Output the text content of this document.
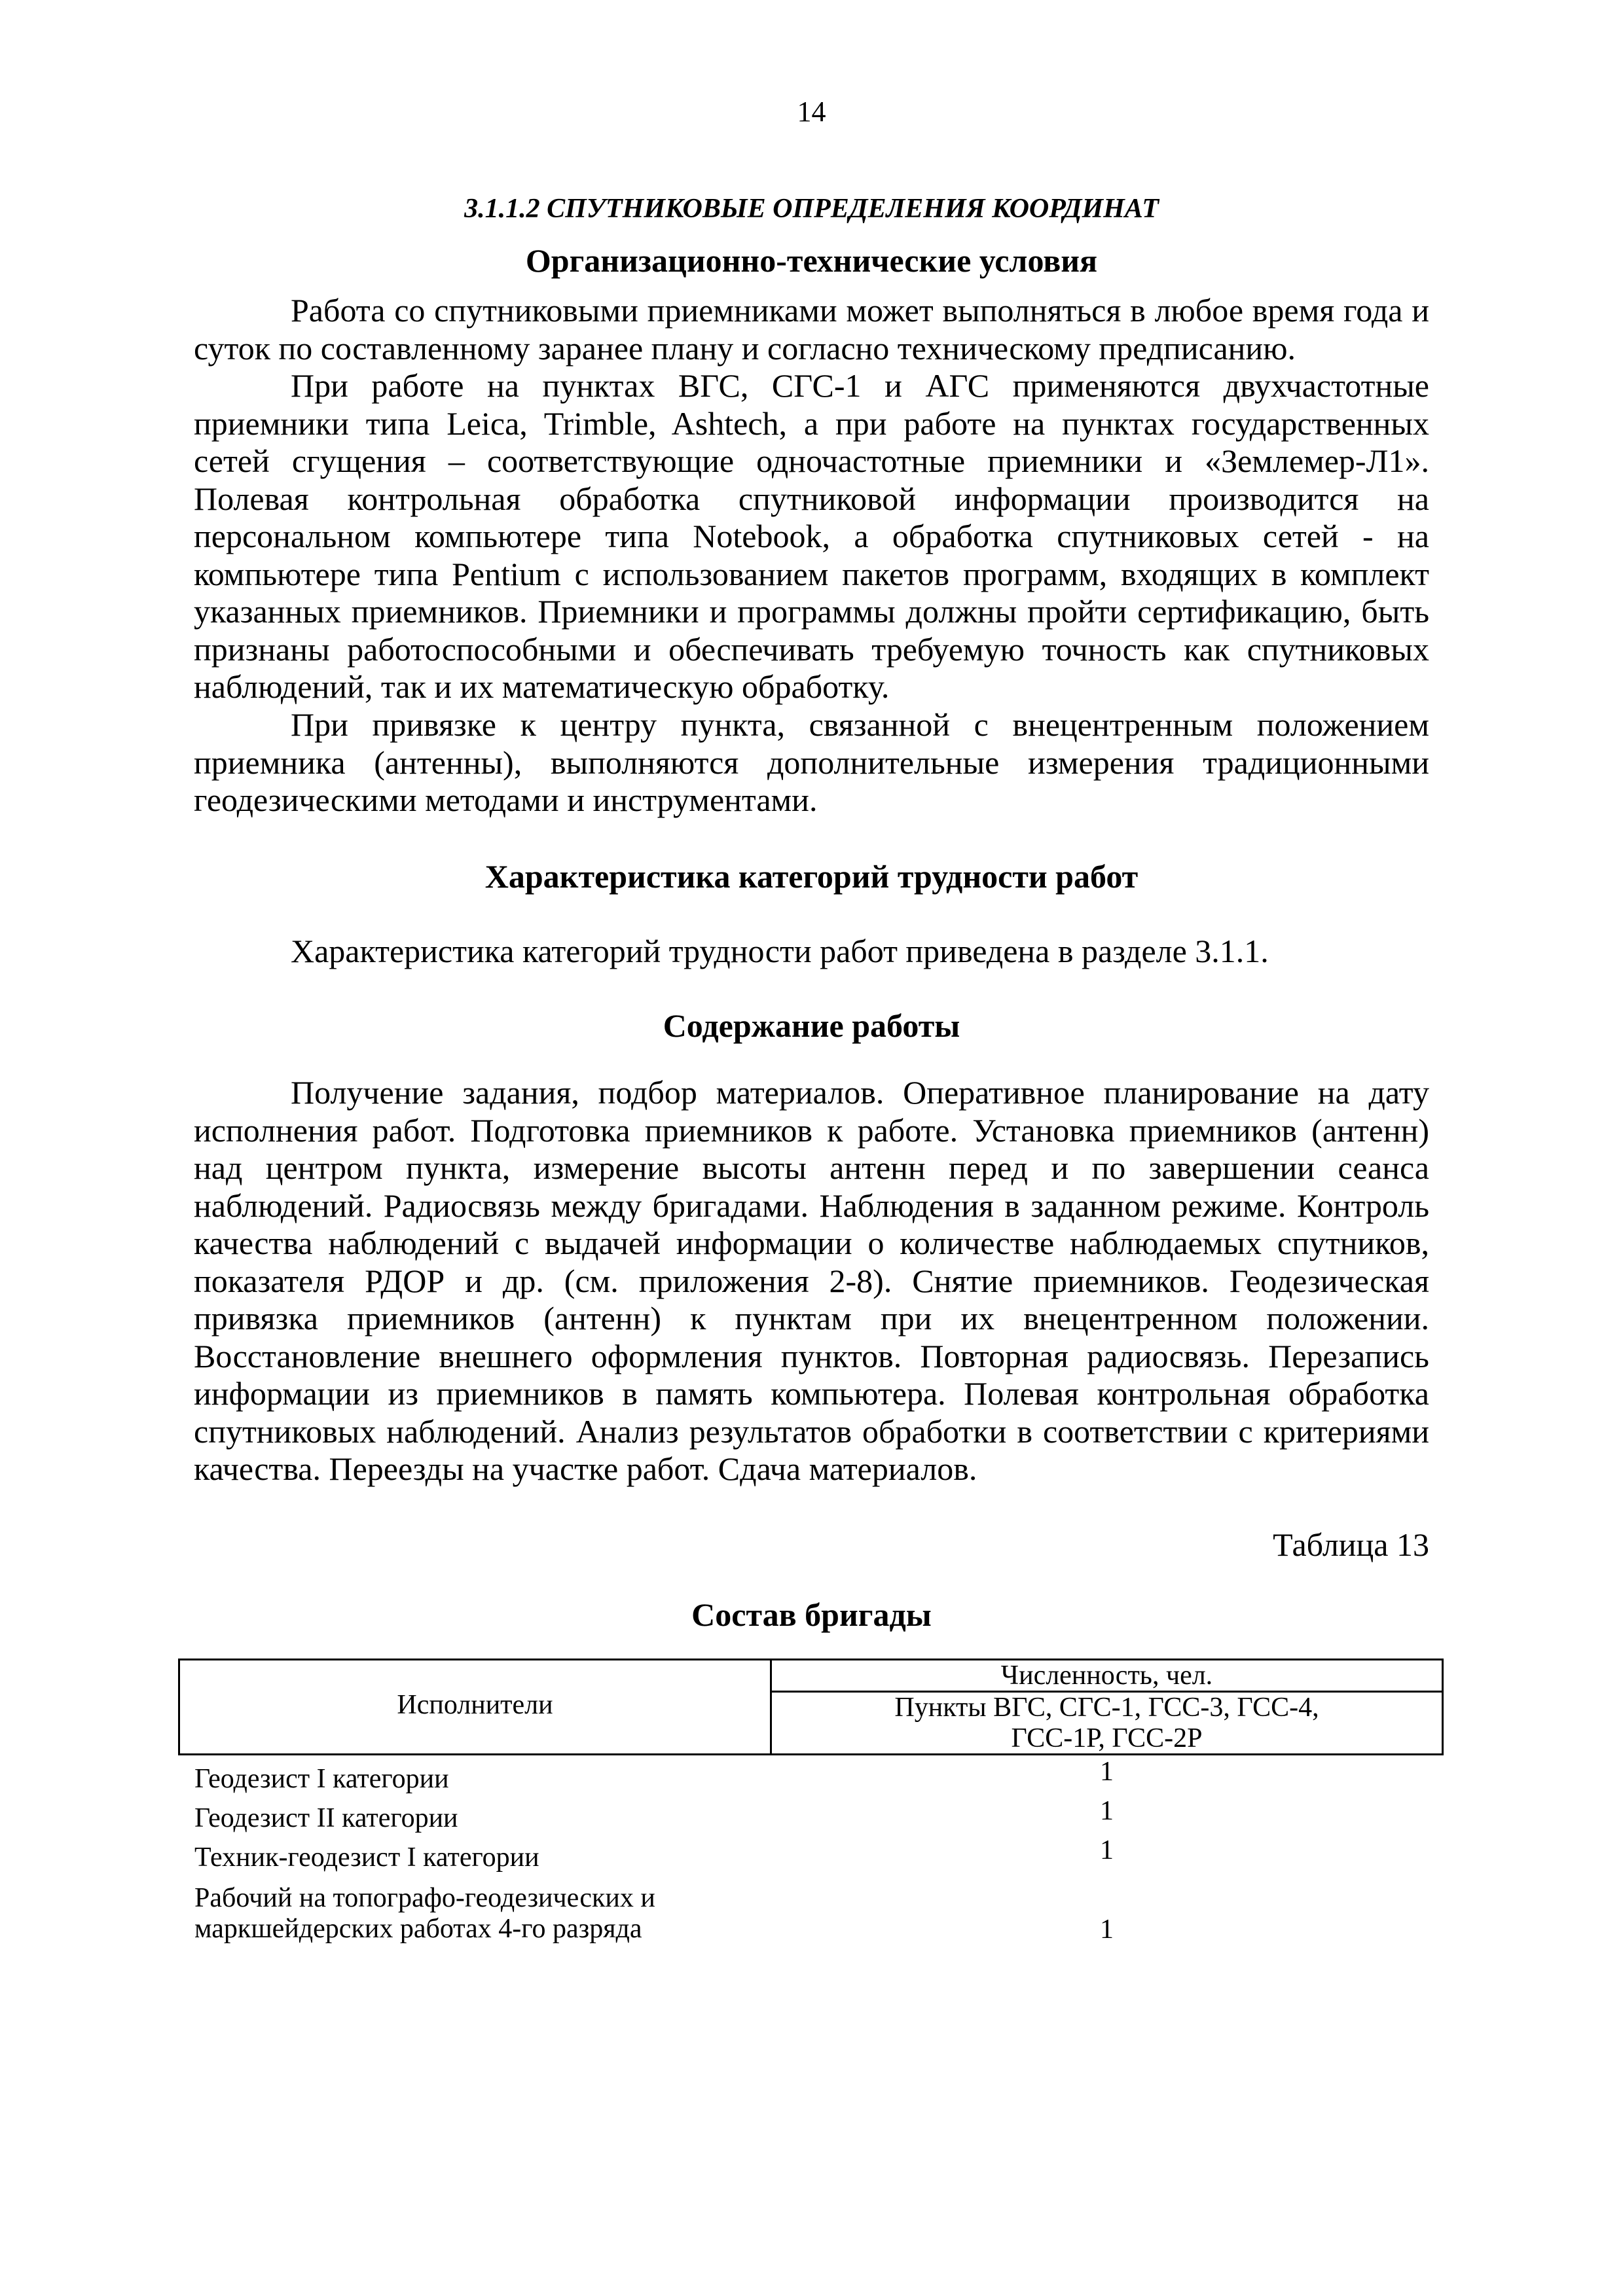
14
3.1.1.2 СПУТНИКОВЫЕ ОПРЕДЕЛЕНИЯ КООРДИНАТ
Организационно-технические условия
Работа со спутниковыми приемниками может выполняться в любое время года и
суток по составленному заранее плану и согласно техническому предписанию.
При работе на пунктах ВГС, СГС-1 и АГС применяются двухчастотные
приемники типа Leica, Trimble, Ashtech, а при работе на пунктах государственных
сетей сгущения – соответствующие одночастотные приемники и «Землемер-Л1».
Полевая контрольная обработка спутниковой информации производится на
персональном компьютере типа Notebook, а обработка спутниковых сетей - на
компьютере типа Pentium с использованием пакетов программ, входящих в комплект
указанных приемников. Приемники и программы должны пройти сертификацию, быть
признаны работоспособными и обеспечивать требуемую точность как спутниковых
наблюдений, так и их математическую обработку.
При привязке к центру пункта, связанной с внецентренным положением
приемника (антенны), выполняются дополнительные измерения традиционными
геодезическими методами и инструментами.
Характеристика категорий трудности работ
Характеристика категорий трудности работ приведена в разделе 3.1.1.
Содержание работы
Получение задания, подбор материалов. Оперативное планирование на дату
исполнения работ. Подготовка приемников к работе. Установка приемников (антенн)
над центром пункта, измерение высоты антенн перед и по завершении сеанса
наблюдений. Радиосвязь между бригадами. Наблюдения в заданном режиме. Контроль
качества наблюдений с выдачей информации о количестве наблюдаемых спутников,
показателя РДОР и др. (см. приложения 2-8). Снятие приемников. Геодезическая
привязка приемников (антенн) к пунктам при их внецентренном положении.
Восстановление внешнего оформления пунктов. Повторная радиосвязь. Перезапись
информации из приемников в память компьютера. Полевая контрольная обработка
спутниковых наблюдений. Анализ результатов обработки в соответствии с критериями
качества. Переезды на участке работ. Сдача материалов.
Таблица 13
Состав бригады
Исполнители
Численность, чел.
Пункты ВГС, СГС-1, ГСС-3, ГСС-4,
ГСС-1Р, ГСС-2Р
Геодезист I категории	1
Геодезист II категории	1
Техник-геодезист I категории	1
Рабочий на топографо-геодезических и
маркшейдерских работах 4-го разряда	1
